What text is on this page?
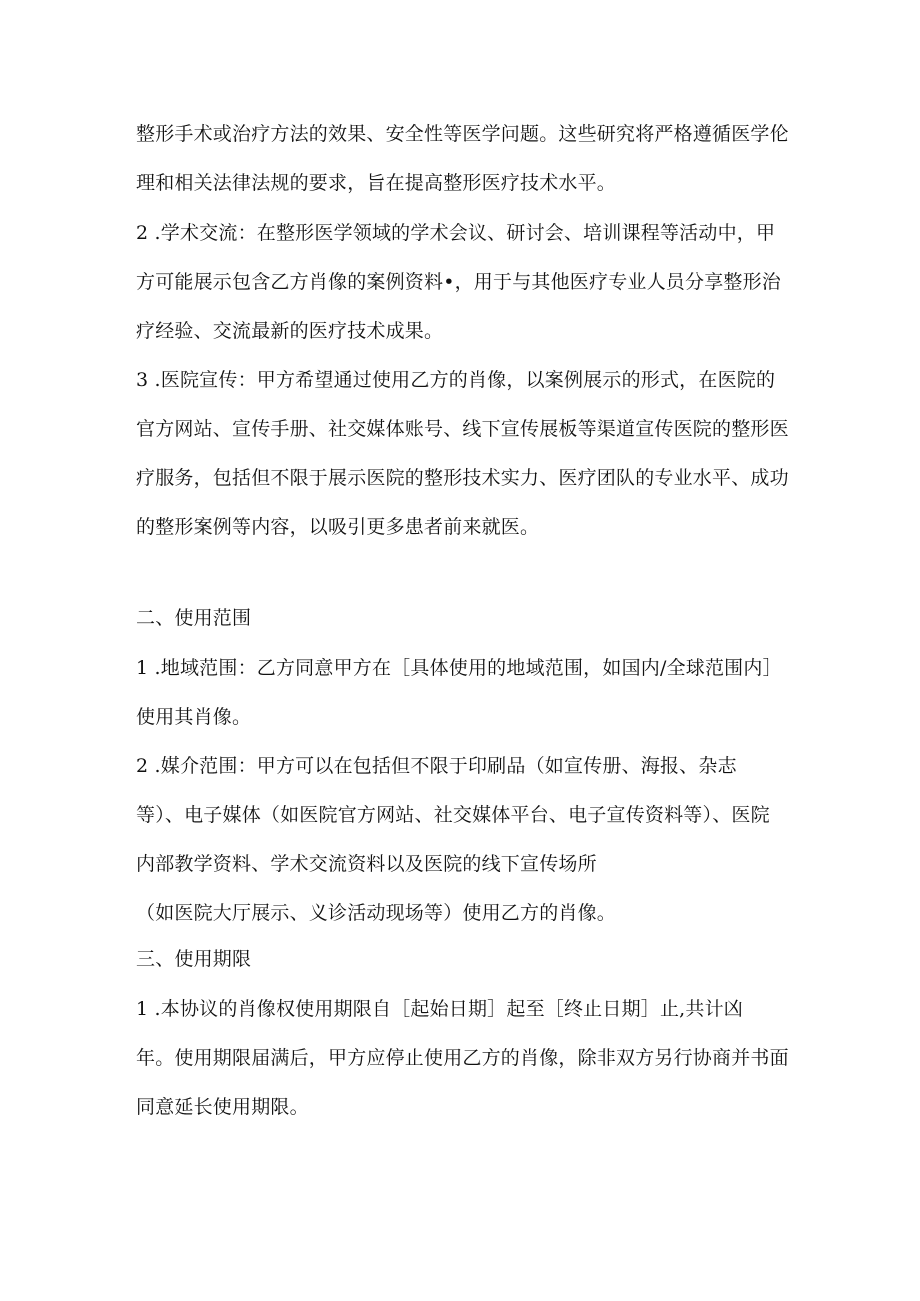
整形手术或治疗方法的效果、安全性等医学问题。这些研究将严格遵循医学伦
理和相关法律法规的要求，旨在提高整形医疗技术水平。
2 .学术交流：在整形医学领域的学术会议、研讨会、培训课程等活动中，甲
方可能展示包含乙方肖像的案例资料•，用于与其他医疗专业人员分享整形治
疗经验、交流最新的医疗技术成果。
3 .医院宣传：甲方希望通过使用乙方的肖像，以案例展示的形式，在医院的
官方网站、宣传手册、社交媒体账号、线下宣传展板等渠道宣传医院的整形医
疗服务，包括但不限于展示医院的整形技术实力、医疗团队的专业水平、成功
的整形案例等内容，以吸引更多患者前来就医。
二、使用范围
1 .地域范围：乙方同意甲方在［具体使用的地域范围，如国内/全球范围内］
使用其肖像。
2 .媒介范围：甲方可以在包括但不限于印刷品（如宣传册、海报、杂志
等）、电子媒体（如医院官方网站、社交媒体平台、电子宣传资料等）、医院
内部教学资料、学术交流资料以及医院的线下宣传场所
（如医院大厅展示、义诊活动现场等）使用乙方的肖像。
三、使用期限
1 .本协议的肖像权使用期限自［起始日期］起至［终止日期］止,共计凶
年。使用期限届满后，甲方应停止使用乙方的肖像，除非双方另行协商并书面
同意延长使用期限。
